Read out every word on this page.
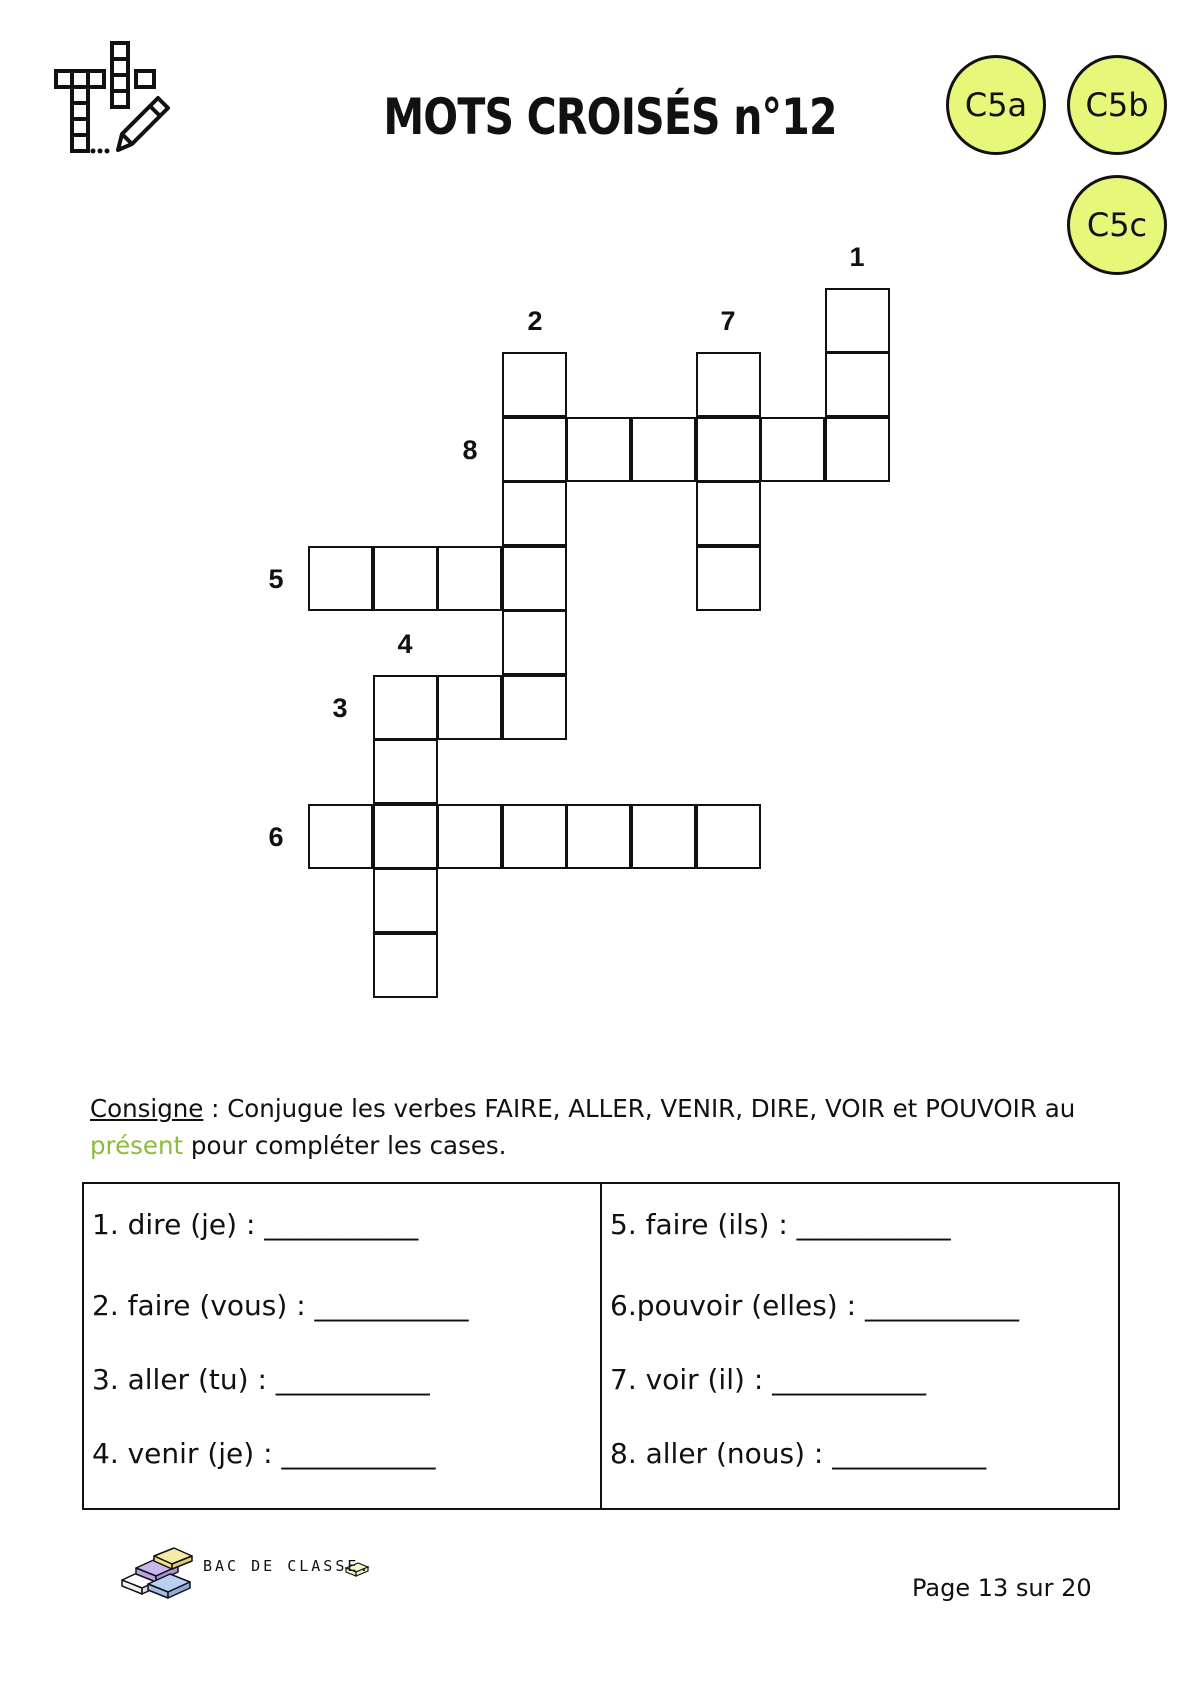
MOTS CROISÉS n°12	C5a	C5b
C5c
1
2	7
8
5
4
3
6
Consigne : Conjugue les verbes FAIRE, ALLER, VENIR, DIRE, VOIR et POUVOIR au présent pour compléter les cases.
1. dire (je) : ___________
2. faire (vous) : ___________
3. aller (tu) : ___________
4. venir (je) : ___________
5. faire (ils) : ___________
6.pouvoir (elles) : ___________
7. voir (il) : ___________
8. aller (nous) : ___________
BAC DE CLASSE.
Page 13 sur 20
